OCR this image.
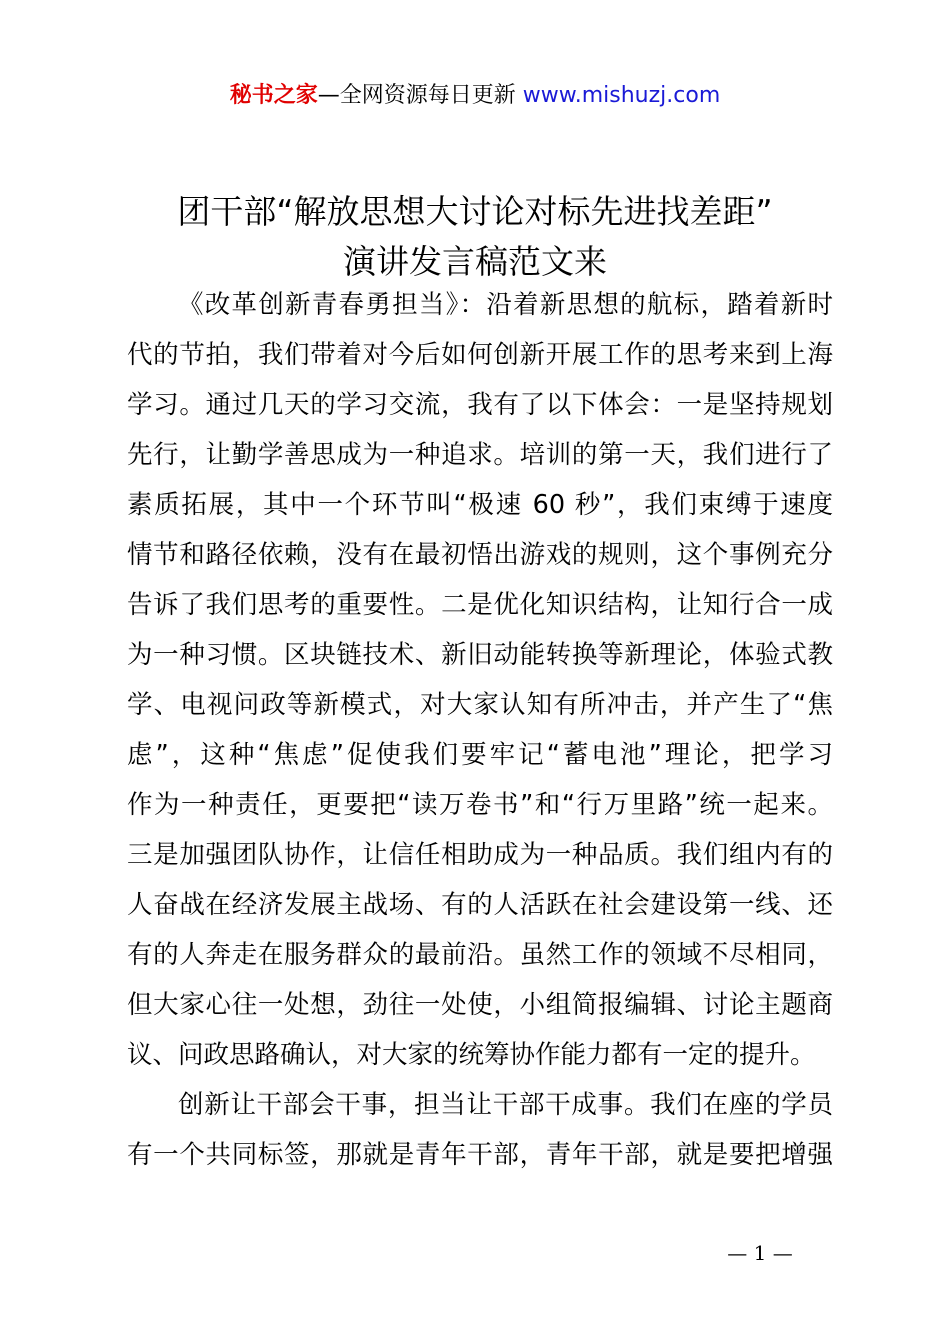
秘书之家—全网资源每日更新 www.mishuzj.com
团干部“解放思想大讨论对标先进找差距”
演讲发言稿范文来
《改革创新青春勇担当》：沿着新思想的航标，踏着新时
代的节拍，我们带着对今后如何创新开展工作的思考来到上海
学习。通过几天的学习交流，我有了以下体会：一是坚持规划
先行，让勤学善思成为一种追求。培训的第一天，我们进行了
素质拓展，其中一个环节叫“极速 60 秒”，我们束缚于速度
情节和路径依赖，没有在最初悟出游戏的规则，这个事例充分
告诉了我们思考的重要性。二是优化知识结构，让知行合一成
为一种习惯。区块链技术、新旧动能转换等新理论，体验式教
学、电视问政等新模式，对大家认知有所冲击，并产生了“焦
虑”，这种“焦虑”促使我们要牢记“蓄电池”理论，把学习
作为一种责任，更要把“读万卷书”和“行万里路”统一起来。
三是加强团队协作，让信任相助成为一种品质。我们组内有的
人奋战在经济发展主战场、有的人活跃在社会建设第一线、还
有的人奔走在服务群众的最前沿。虽然工作的领域不尽相同，
但大家心往一处想，劲往一处使，小组简报编辑、讨论主题商
议、问政思路确认，对大家的统筹协作能力都有一定的提升。
创新让干部会干事，担当让干部干成事。我们在座的学员
有一个共同标签，那就是青年干部，青年干部，就是要把增强
— 1 —
